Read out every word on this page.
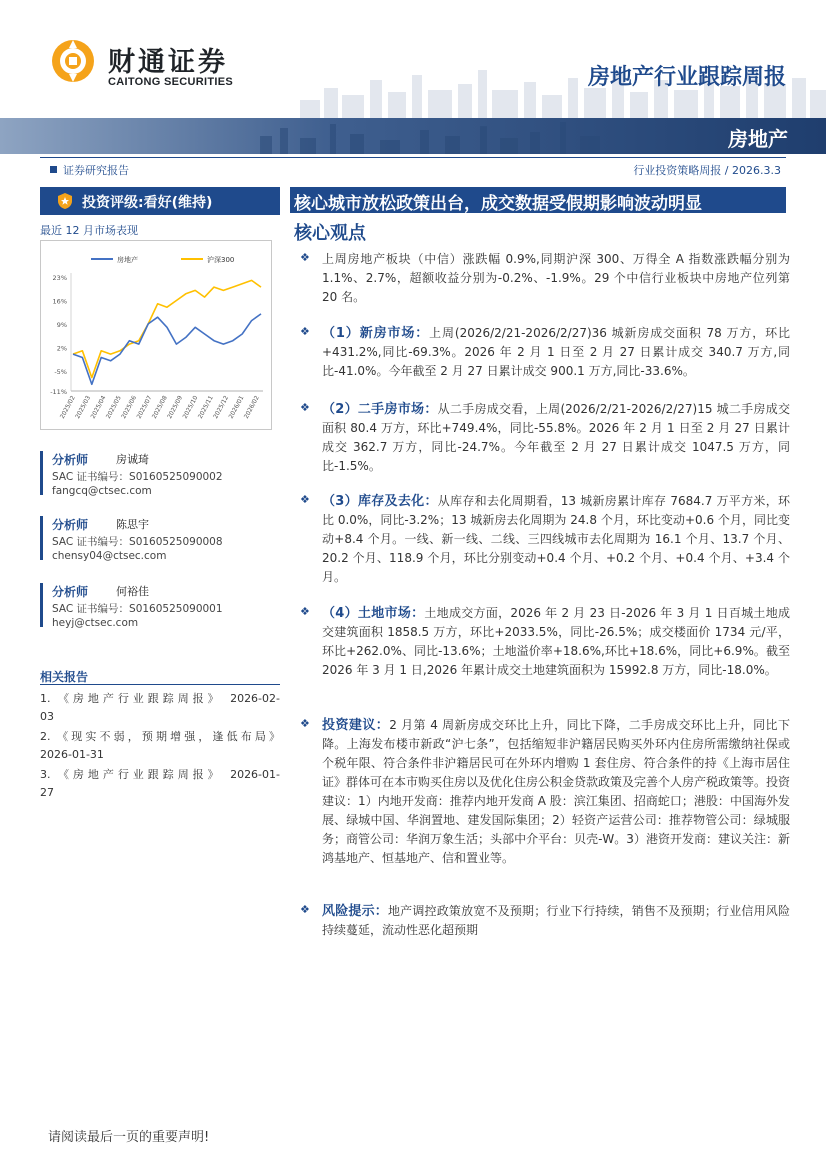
财通证券
CAITONG SECURITIES	房地产行业跟踪周报
房地产
证券研究报告	行业投资策略周报 / 2026.3.3
投资评级:看好(维持)
最近 12 月市场表现
23%
16%
9%
2%
-5%
-11%
2025/02
2025/03
2025/04
2025/05
2025/06
2025/07
2025/08
2025/09
2025/10
2025/11
2025/12
2026/01
2026/02
房地产	沪深300
分析师	房诚琦
SAC 证书编号：S0160525090002
fangcq@ctsec.com
分析师	陈思宇
SAC 证书编号：S0160525090008
chensy04@ctsec.com
分析师	何裕佳
SAC 证书编号：S0160525090001
heyj@ctsec.com
相关报告
1. 《房地产行业跟踪周报》 2026-02-
03
2. 《现实不弱，预期增强，逢低布局》
2026-01-31
3. 《房地产行业跟踪周报》 2026-01-
27
核心城市放松政策出台，成交数据受假期影响波动明显
核心观点
❖ 上周房地产板块（中信）涨跌幅 0.9%,同期沪深 300、万得全 A 指数涨跌幅分别为 1.1%、2.7%，超额收益分别为-0.2%、-1.9%。29 个中信行业板块中房地产位列第 20 名。
❖ （1）新房市场：上周(2026/2/21-2026/2/27)36 城新房成交面积 78 万方，环比+431.2%,同比-69.3%。2026 年 2 月 1 日至 2 月 27 日累计成交 340.7 万方,同比-41.0%。今年截至 2 月 27 日累计成交 900.1 万方,同比-33.6%。
❖ （2）二手房市场：从二手房成交看，上周(2026/2/21-2026/2/27)15 城二手房成交面积 80.4 万方，环比+749.4%，同比-55.8%。2026 年 2 月 1 日至 2 月 27 日累计成交 362.7 万方，同比-24.7%。今年截至 2 月 27 日累计成交 1047.5 万方，同比-1.5%。
❖ （3）库存及去化：从库存和去化周期看，13 城新房累计库存 7684.7 万平方米，环比 0.0%，同比-3.2%；13 城新房去化周期为 24.8 个月，环比变动+0.6 个月，同比变动+8.4 个月。一线、新一线、二线、三四线城市去化周期为 16.1 个月、13.7 个月、20.2 个月、118.9 个月，环比分别变动+0.4 个月、+0.2 个月、+0.4 个月、+3.4 个月。
❖ （4）土地市场：土地成交方面，2026 年 2 月 23 日-2026 年 3 月 1 日百城土地成交建筑面积 1858.5 万方，环比+2033.5%，同比-26.5%；成交楼面价 1734 元/平，环比+262.0%、同比-13.6%；土地溢价率+18.6%,环比+18.6%，同比+6.9%。截至 2026 年 3 月 1 日,2026 年累计成交土地建筑面积为 15992.8 万方，同比-18.0%。
❖ 投资建议：2 月第 4 周新房成交环比上升，同比下降，二手房成交环比上升，同比下降。上海发布楼市新政“沪七条”，包括缩短非沪籍居民购买外环内住房所需缴纳社保或个税年限、符合条件非沪籍居民可在外环内增购 1 套住房、符合条件的持《上海市居住证》群体可在本市购买住房以及优化住房公积金贷款政策及完善个人房产税政策等。投资建议：1）内地开发商：推荐内地开发商 A 股：滨江集团、招商蛇口；港股：中国海外发展、绿城中国、华润置地、建发国际集团；2）轻资产运营公司：推荐物管公司：绿城服务；商管公司：华润万象生活；头部中介平台：贝壳-W。3）港资开发商：建议关注：新鸿基地产、恒基地产、信和置业等。
❖ 风险提示：地产调控政策放宽不及预期；行业下行持续，销售不及预期；行业信用风险持续蔓延，流动性恶化超预期
请阅读最后一页的重要声明!
